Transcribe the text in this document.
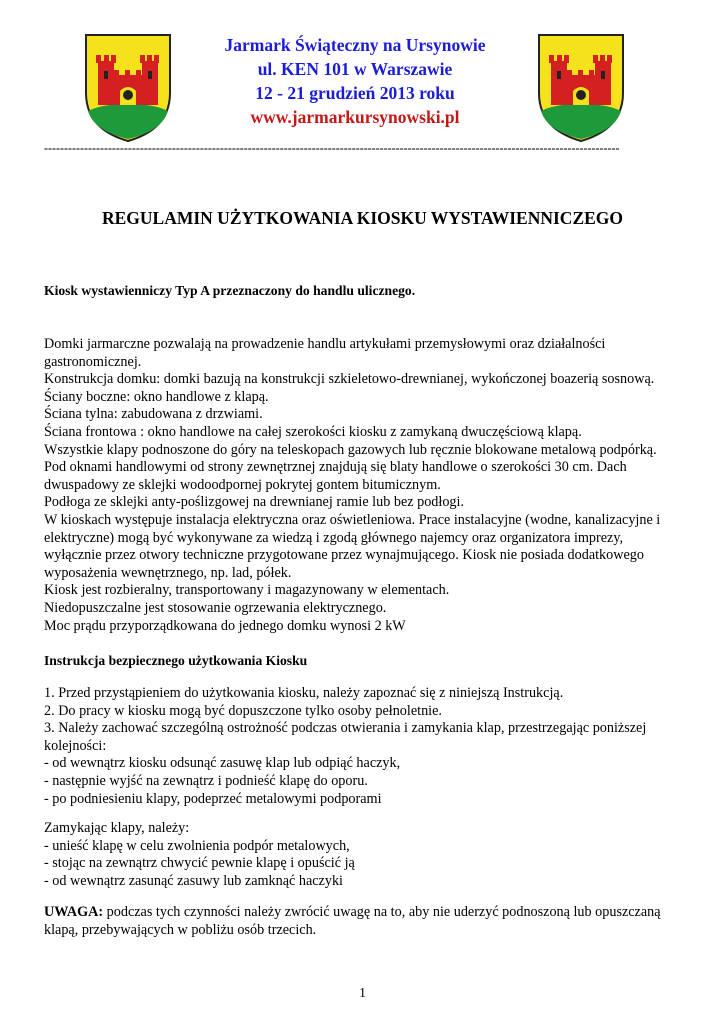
Jarmark Świąteczny na Ursynowie
ul. KEN 101 w Warszawie
12 - 21 grudzień 2013 roku
www.jarmarkursynowski.pl
------------------------------------------------------------------------------------------------------------------------------------------------
REGULAMIN UŻYTKOWANIA KIOSKU WYSTAWIENNICZEGO

Kiosk wystawienniczy Typ A przeznaczony do handlu ulicznego.

Domki jarmarczne pozwalają na prowadzenie handlu artykułami przemysłowymi oraz działalności gastronomicznej.

Konstrukcja domku: domki bazują na konstrukcji szkieletowo-drewnianej, wykończonej boazerią sosnową.

Ściany boczne: okno handlowe z klapą.

Ściana tylna: zabudowana z drzwiami.

Ściana frontowa : okno handlowe na całej szerokości kiosku z zamykaną dwuczęściową klapą.

Wszystkie klapy podnoszone do góry na teleskopach gazowych lub ręcznie blokowane metalową podpórką.

Pod oknami handlowymi od strony zewnętrznej znajdują się blaty handlowe o szerokości 30 cm. Dach dwuspadowy ze sklejki wodoodpornej pokrytej gontem bitumicznym.

Podłoga ze sklejki anty-poślizgowej na drewnianej ramie lub bez podłogi.

W kioskach występuje instalacja elektryczna oraz oświetleniowa. Prace instalacyjne (wodne, kanalizacyjne i elektryczne) mogą być wykonywane za wiedzą i zgodą głównego najemcy oraz organizatora imprezy, wyłącznie przez otwory techniczne przygotowane przez wynajmującego. Kiosk nie posiada dodatkowego wyposażenia wewnętrznego, np. lad, półek.

Kiosk jest rozbieralny, transportowany i magazynowany w elementach.

Niedopuszczalne jest stosowanie ogrzewania elektrycznego.

Moc prądu przyporządkowana do jednego domku wynosi 2 kW

Instrukcja bezpiecznego użytkowania Kiosku

1. Przed przystąpieniem do użytkowania kiosku, należy zapoznać się z niniejszą Instrukcją.

2. Do pracy w kiosku mogą być dopuszczone tylko osoby pełnoletnie.

3. Należy zachować szczególną ostrożność podczas otwierania i zamykania klap, przestrzegając poniższej kolejności:

- od wewnątrz kiosku odsunąć zasuwę klap lub odpiąć haczyk,

- następnie wyjść na zewnątrz i podnieść klapę do oporu.

- po podniesieniu klapy, podeprzeć metalowymi podporami

Zamykając klapy, należy:

- unieść klapę w celu zwolnienia podpór metalowych,

- stojąc na zewnątrz chwycić pewnie klapę i opuścić ją

- od wewnątrz zasunąć zasuwy lub zamknąć haczyki

UWAGA: podczas tych czynności należy zwrócić uwagę na to, aby nie uderzyć podnoszoną lub opuszczaną klapą, przebywających w pobliżu osób trzecich.

1
